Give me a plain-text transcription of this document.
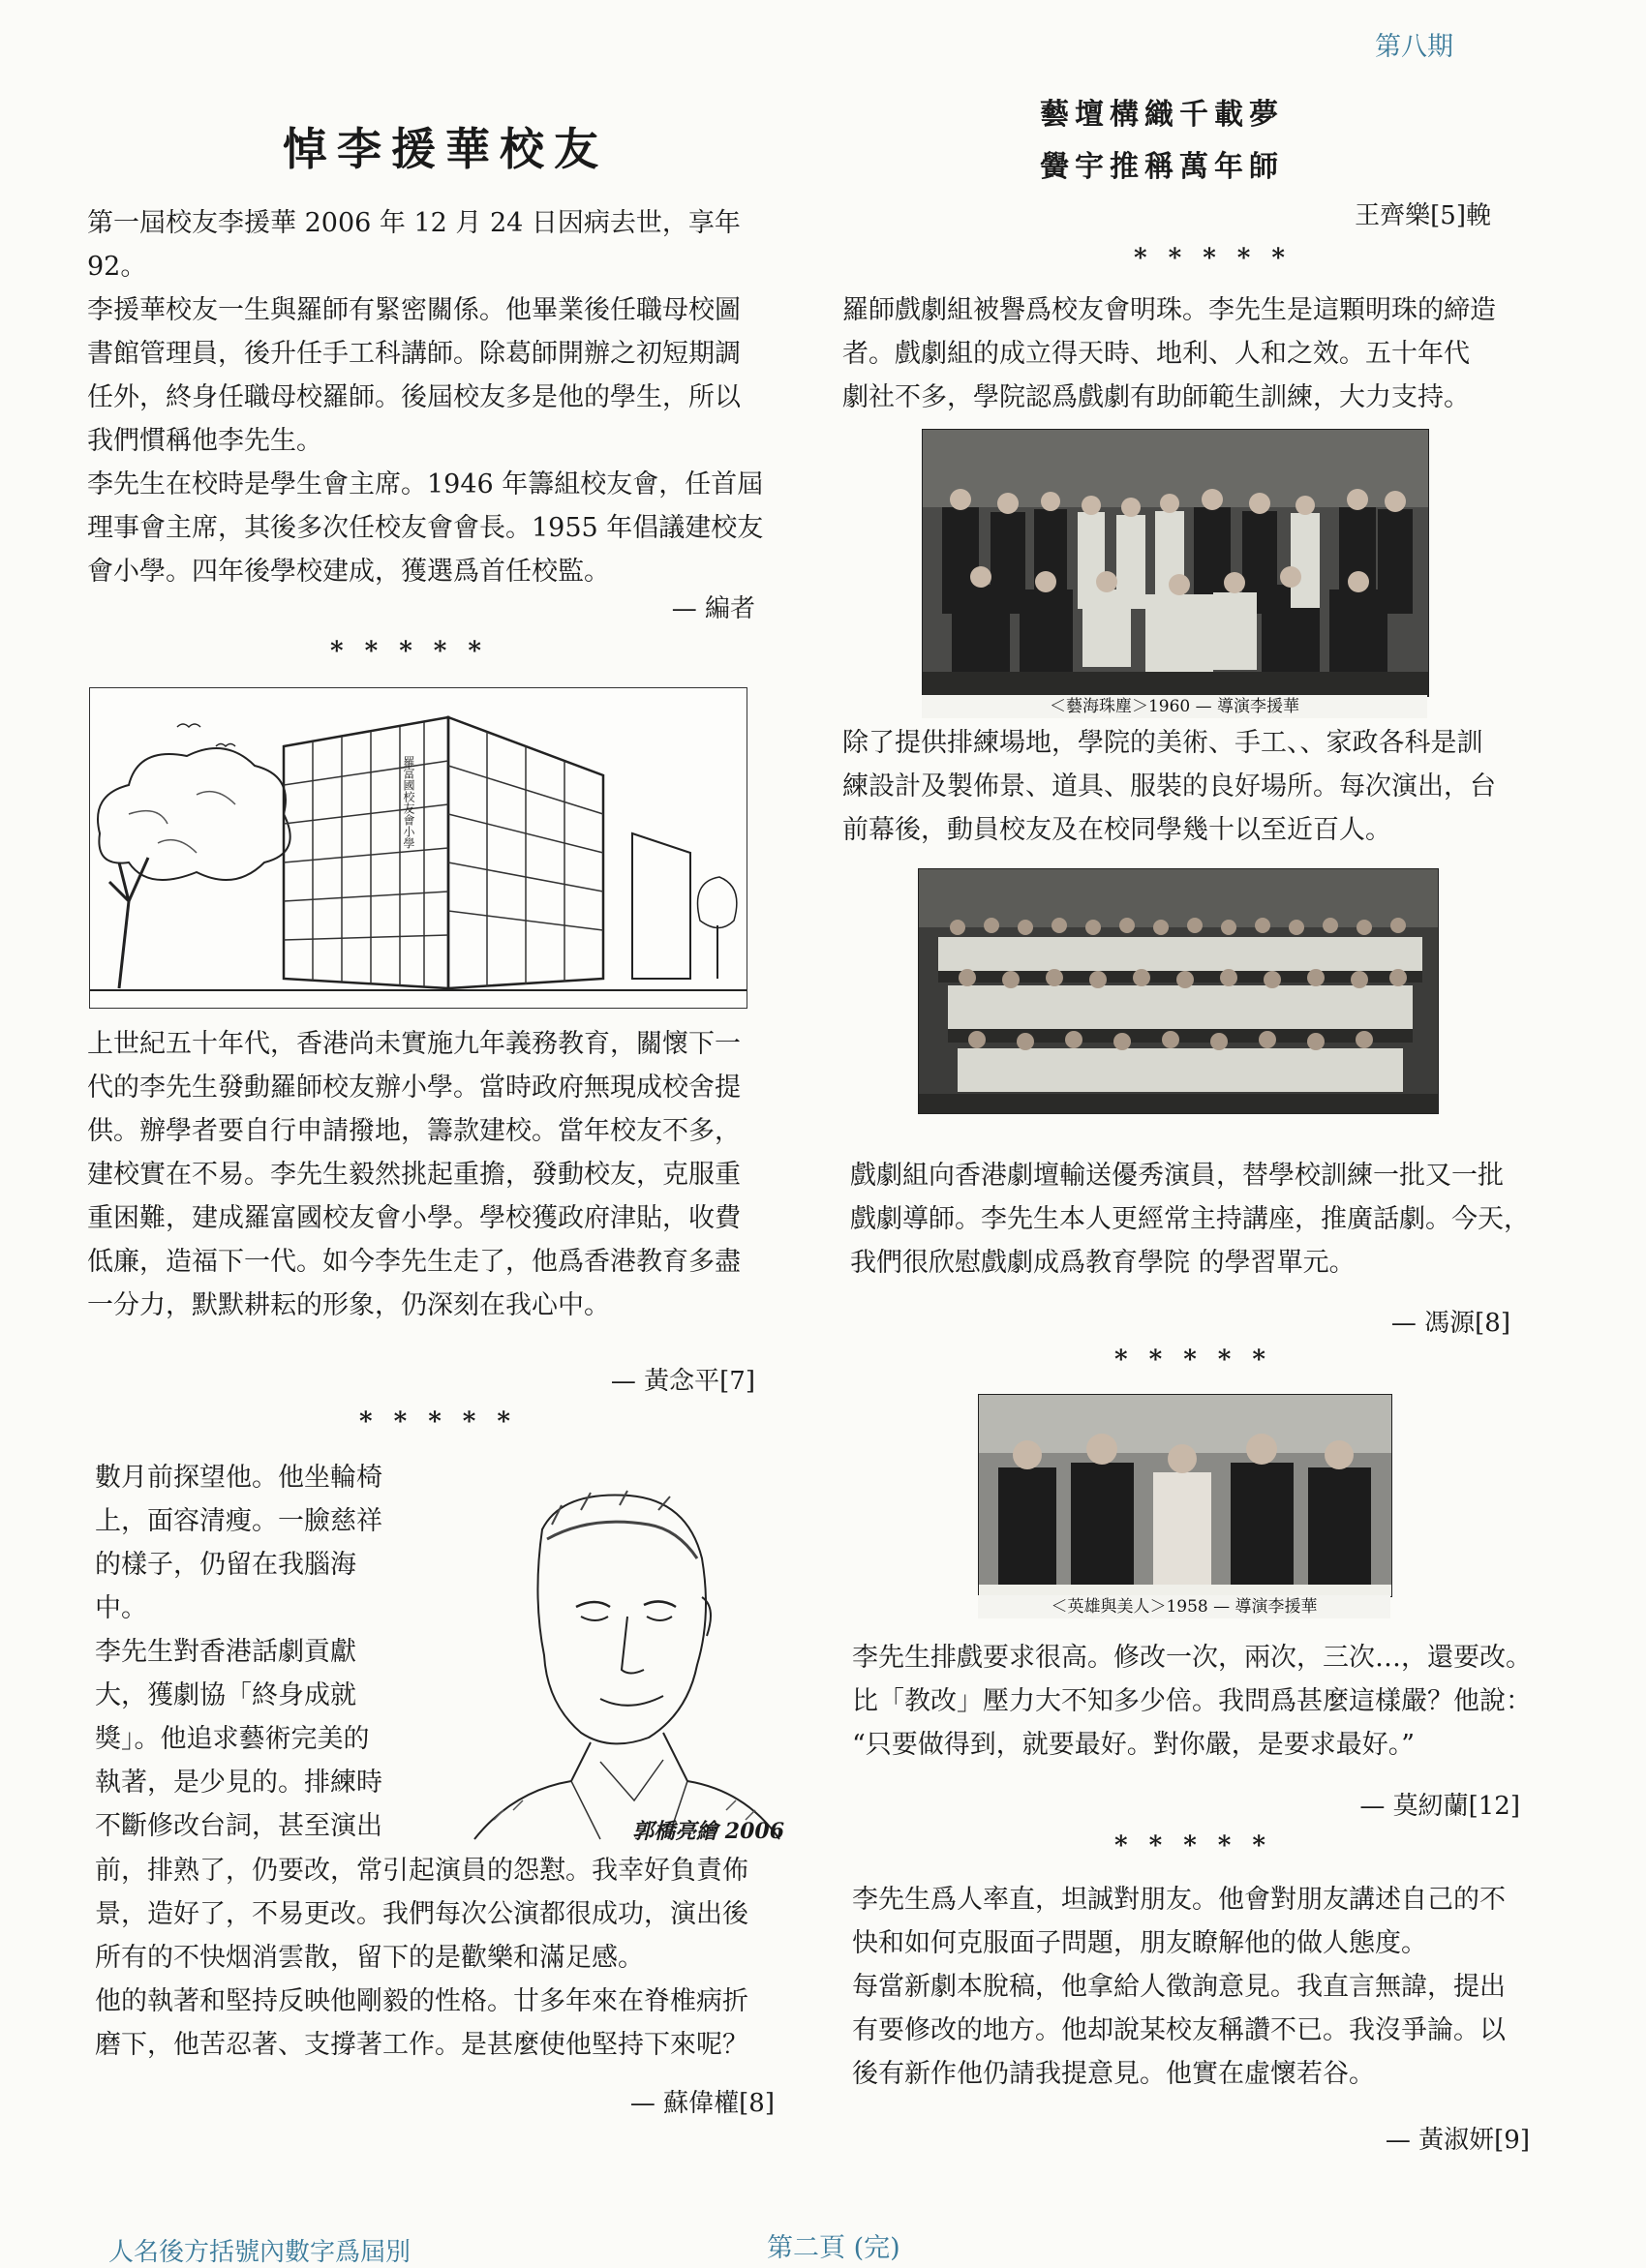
第八期
悼李援華校友

第一屆校友李援華 2006 年 12 月 24 日因病去世，享年 92。

李援華校友一生與羅師有緊密關係。他畢業後任職母校圖

書館管理員，後升任手工科講師。除葛師開辦之初短期調

任外，終身任職母校羅師。後屆校友多是他的學生，所以

我們慣稱他李先生。

李先生在校時是學生會主席。1946 年籌組校友會，任首屆

理事會主席，其後多次任校友會會長。1955 年倡議建校友

會小學。四年後學校建成，獲選爲首任校監。

— 編者
*****
羅富國校友會小學

上世紀五十年代，香港尚未實施九年義務教育，關懷下一

代的李先生發動羅師校友辦小學。當時政府無現成校舍提

供。辦學者要自行申請撥地，籌款建校。當年校友不多，

建校實在不易。李先生毅然挑起重擔，發動校友，克服重

重困難，建成羅富國校友會小學。學校獲政府津貼，收費

低廉，造福下一代。如今李先生走了，他爲香港教育多盡

一分力，默默耕耘的形象，仍深刻在我心中。

— 黃念平[7]
*****

數月前探望他。他坐輪椅

上，面容清瘦。一臉慈祥

的樣子，仍留在我腦海

中。

李先生對香港話劇貢獻

大，獲劇協「終身成就

獎」。他追求藝術完美的

執著，是少見的。排練時

不斷修改台詞，甚至演出	郭橋亮繪 2006

前，排熟了，仍要改，常引起演員的怨懟。我幸好負責佈

景，造好了，不易更改。我們每次公演都很成功，演出後

所有的不快烟消雲散，留下的是歡樂和滿足感。

他的執著和堅持反映他剛毅的性格。廿多年來在脊椎病折

磨下，他苦忍著、支撐著工作。是甚麼使他堅持下來呢？

— 蘇偉權[8]
藝壇構織千載夢
黌宇推稱萬年師
王齊樂[5]輓
*****

羅師戲劇組被譽爲校友會明珠。李先生是這顆明珠的締造

者。戲劇組的成立得天時、地利、人和之效。五十年代

劇社不多，學院認爲戲劇有助師範生訓練，大力支持。

＜藝海珠塵＞1960 — 導演李援華

除了提供排練場地，學院的美術、手工、、家政各科是訓

練設計及製佈景、道具、服裝的良好場所。每次演出，台

前幕後，動員校友及在校同學幾十以至近百人。

戲劇組向香港劇壇輸送優秀演員，替學校訓練一批又一批

戲劇導師。李先生本人更經常主持講座，推廣話劇。今天，

我們很欣慰戲劇成爲教育學院 的學習單元。

— 馮源[8]
*****
＜英雄與美人＞1958 — 導演李援華

李先生排戲要求很高。修改一次，兩次，三次…，還要改。

比「教改」壓力大不知多少倍。我問爲甚麼這樣嚴？他說：

“只要做得到，就要最好。對你嚴，是要求最好。”

— 莫紉蘭[12]
*****

李先生爲人率直，坦誠對朋友。他會對朋友講述自己的不

快和如何克服面子問題，朋友瞭解他的做人態度。

每當新劇本脫稿，他拿給人徵詢意見。我直言無諱，提出

有要修改的地方。他却說某校友稱讚不已。我沒爭論。以

後有新作他仍請我提意見。他實在虛懷若谷。

— 黃淑妍[9]
人名後方括號內數字爲屆別	第二頁 (完)
